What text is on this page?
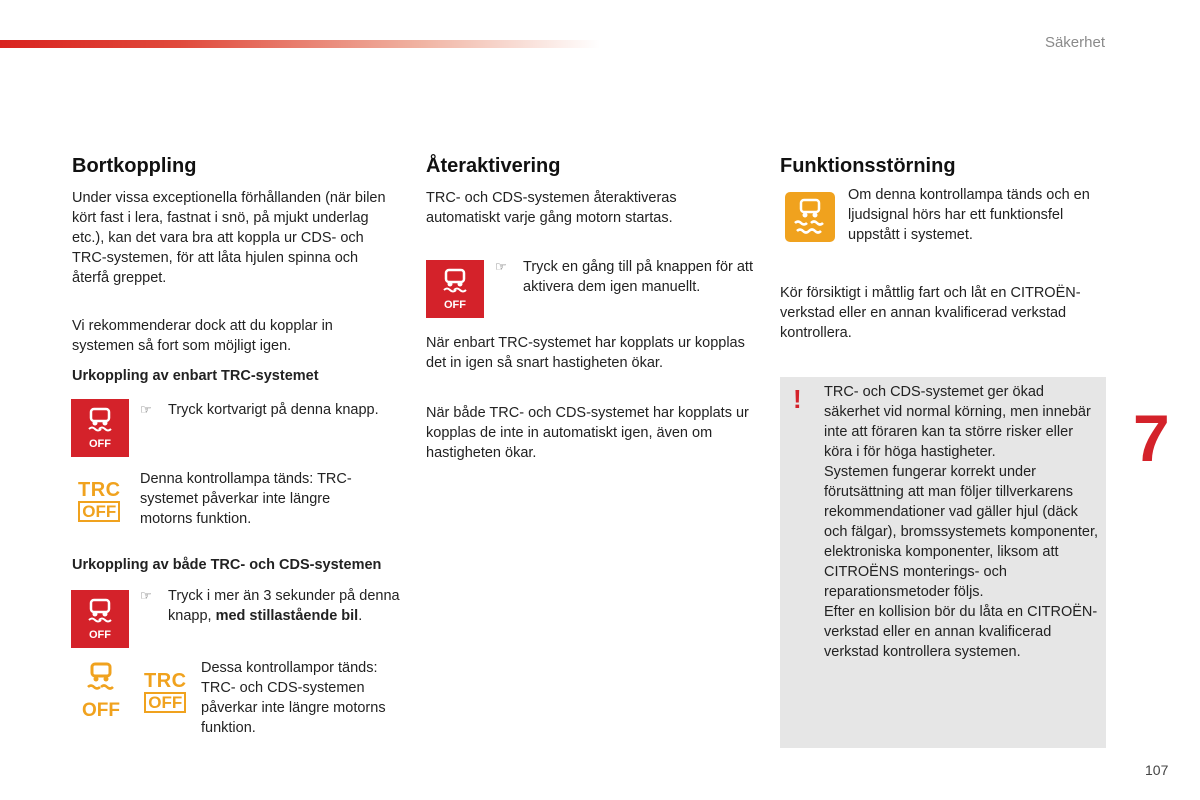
Säkerhet
Bortkoppling

Under vissa exceptionella förhållanden (när bilen kört fast i lera, fastnat i snö, på mjukt underlag etc.), kan det vara bra att koppla ur CDS- och TRC-systemen, för att låta hjulen spinna och återfå greppet.

Vi rekommenderar dock att du kopplar in systemen så fort som möjligt igen.

Urkoppling av enbart TRC-systemet
OFF
☞ Tryck kortvarigt på denna knapp.

TRC
OFF

Denna kontrollampa tänds: TRC-systemet påverkar inte längre motorns funktion.

Urkoppling av både TRC- och CDS-systemen
OFF
☞ Tryck i mer än 3 sekunder på denna knapp, med stillastående bil.

OFF
TRC
OFF

Dessa kontrollampor tänds: TRC- och CDS-systemen påverkar inte längre motorns funktion.

Återaktivering

TRC- och CDS-systemen återaktiveras automatiskt varje gång motorn startas.

OFF
☞ Tryck en gång till på knappen för att aktivera dem igen manuellt.

När enbart TRC-systemet har kopplats ur kopplas det in igen så snart hastigheten ökar.

När både TRC- och CDS-systemet har kopplats ur kopplas de inte in automatiskt igen, även om hastigheten ökar.

Funktionsstörning

Om denna kontrollampa tänds och en ljudsignal hörs har ett funktionsfel uppstått i systemet.

Kör försiktigt i måttlig fart och låt en CITROËN-verkstad eller en annan kvalificerad verkstad kontrollera.

! TRC- och CDS-systemet ger ökad säkerhet vid normal körning, men innebär inte att föraren kan ta större risker eller köra i för höga hastigheter.

Systemen fungerar korrekt under förutsättning att man följer tillverkarens rekommendationer vad gäller hjul (däck och fälgar), bromssystemets komponenter, elektroniska komponenter, liksom att CITROËNS monterings- och reparationsmetoder följs.

Efter en kollision bör du låta en CITROËN-verkstad eller en annan kvalificerad verkstad kontrollera systemen.

7
107
